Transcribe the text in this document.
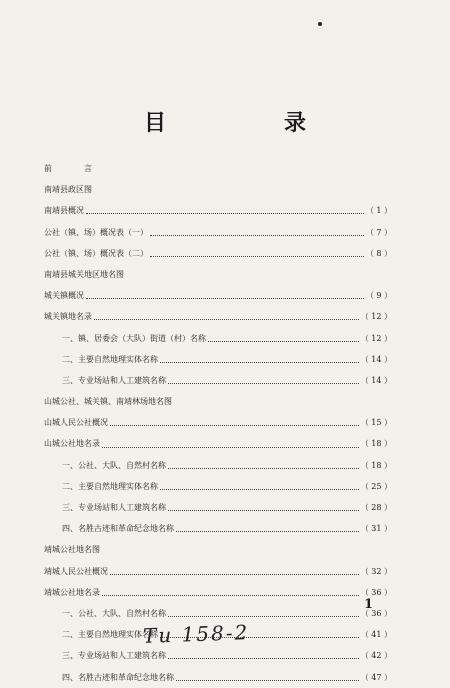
目　录
前　言
南靖县政区图
南靖县概况	（ 1 ）
公社（镇、场）概况表（一）	（ 7 ）
公社（镇、场）概况表（二）	（ 8 ）
南靖县城关地区地名图
城关镇概况	（ 9 ）
城关镇地名录	（ 12 ）
一、镇、居委会（大队）街道（村）名称	（ 12 ）
二、主要自然地理实体名称	（ 14 ）
三、专业场站和人工建筑名称	（ 14 ）
山城公社、城关镇、南靖林场地名图
山城人民公社概况	（ 15 ）
山城公社地名录	（ 18 ）
一、公社、大队、自然村名称	（ 18 ）
二、主要自然地理实体名称	（ 25 ）
三、专业场站和人工建筑名称	（ 28 ）
四、名胜古迹和革命纪念地名称	（ 31 ）
靖城公社地名图
靖城人民公社概况	（ 32 ）
靖城公社地名录	（ 36 ）
一、公社、大队、自然村名称	（ 36 ）
二、主要自然地理实体名称	（ 41 ）
三、专业场站和人工建筑名称	（ 42 ）
四、名胜古迹和革命纪念地名称	（ 47 ）
1
Tu 158-2
